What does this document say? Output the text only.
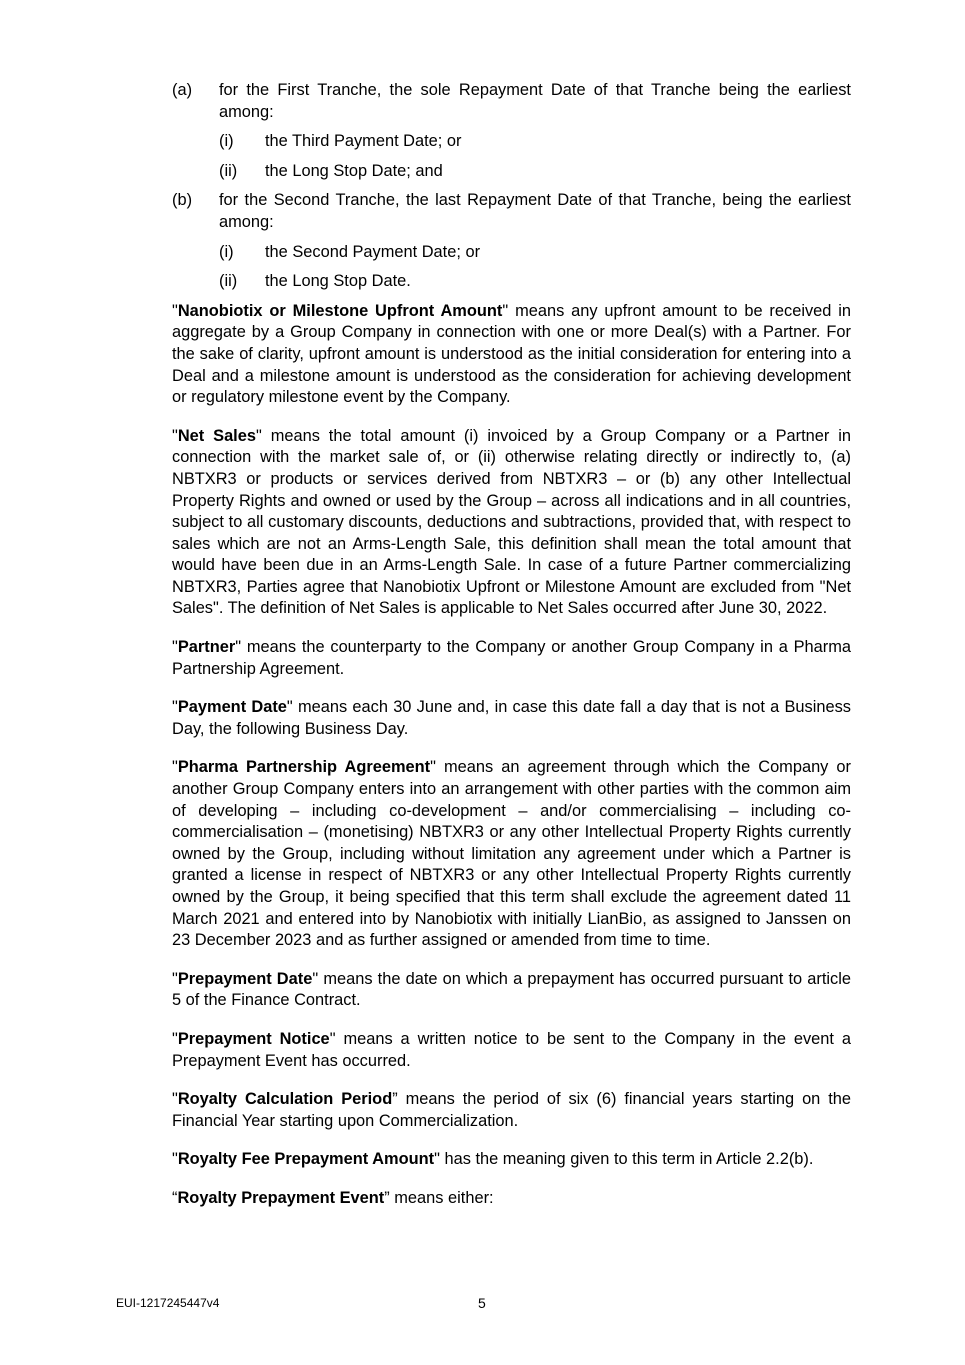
(a)	for the First Tranche, the sole Repayment Date of that Tranche being the earliest among:
(i)	the Third Payment Date; or
(ii)	the Long Stop Date; and
(b)	for the Second Tranche, the last Repayment Date of that Tranche, being the earliest among:
(i)	the Second Payment Date; or
(ii)	the Long Stop Date.

"Nanobiotix or Milestone Upfront Amount" means any upfront amount to be received in aggregate by a Group Company in connection with one or more Deal(s) with a Partner. For the sake of clarity, upfront amount is understood as the initial consideration for entering into a Deal and a milestone amount is understood as the consideration for achieving development or regulatory milestone event by the Company.

"Net Sales" means the total amount (i) invoiced by a Group Company or a Partner in connection with the market sale of, or (ii) otherwise relating directly or indirectly to, (a) NBTXR3 or products or services derived from NBTXR3 – or (b) any other Intellectual Property Rights and owned or used by the Group – across all indications and in all countries, subject to all customary discounts, deductions and subtractions, provided that, with respect to sales which are not an Arms-Length Sale, this definition shall mean the total amount that would have been due in an Arms-Length Sale. In case of a future Partner commercializing NBTXR3, Parties agree that Nanobiotix Upfront or Milestone Amount are excluded from "Net Sales". The definition of Net Sales is applicable to Net Sales occurred after June 30, 2022.

"Partner" means the counterparty to the Company or another Group Company in a Pharma Partnership Agreement.

"Payment Date" means each 30 June and, in case this date fall a day that is not a Business Day, the following Business Day.

"Pharma Partnership Agreement" means an agreement through which the Company or another Group Company enters into an arrangement with other parties with the common aim of developing – including co-development – and/or commercialising – including co-commercialisation – (monetising) NBTXR3 or any other Intellectual Property Rights currently owned by the Group, including without limitation any agreement under which a Partner is granted a license in respect of NBTXR3 or any other Intellectual Property Rights currently owned by the Group, it being specified that this term shall exclude the agreement dated 11 March 2021 and entered into by Nanobiotix with initially LianBio, as assigned to Janssen on 23 December 2023 and as further assigned or amended from time to time.

"Prepayment Date" means the date on which a prepayment has occurred pursuant to article 5 of the Finance Contract.

"Prepayment Notice" means a written notice to be sent to the Company in the event a Prepayment Event has occurred.

"Royalty Calculation Period” means the period of six (6) financial years starting on the Financial Year starting upon Commercialization.

"Royalty Fee Prepayment Amount" has the meaning given to this term in Article 2.2(b).

“Royalty Prepayment Event” means either:

EUI-1217245447v4	5
